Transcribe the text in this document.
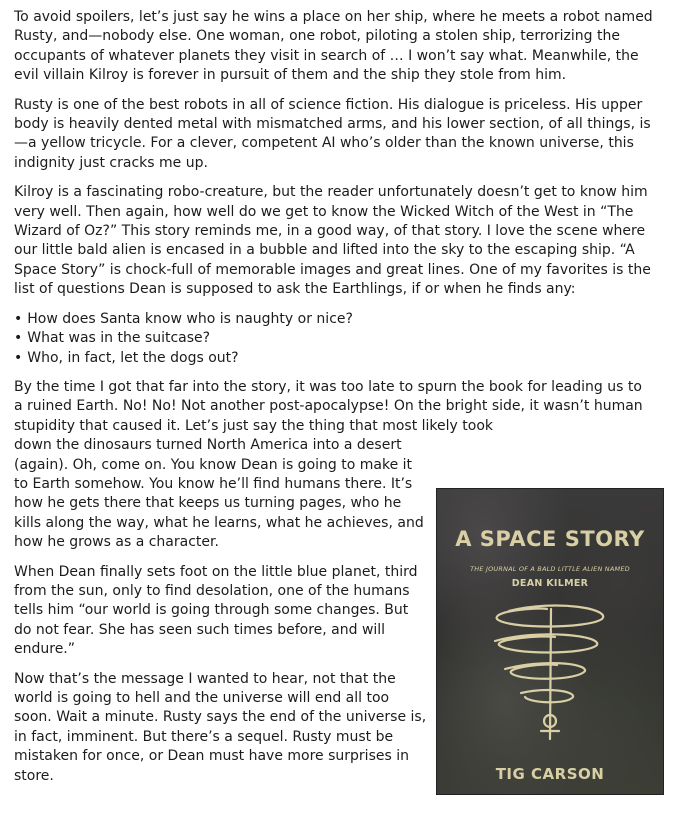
To avoid spoilers, let’s just say he wins a place on her ship, where he meets a robot named Rusty, and—nobody else. One woman, one robot, piloting a stolen ship, terrorizing the occupants of whatever planets they visit in search of … I won’t say what. Meanwhile, the evil villain Kilroy is forever in pursuit of them and the ship they stole from him.

Rusty is one of the best robots in all of science fiction. His dialogue is priceless. His upper body is heavily dented metal with mismatched arms, and his lower section, of all things, is—a yellow tricycle. For a clever, competent AI who’s older than the known universe, this indignity just cracks me up.

Kilroy is a fascinating robo-creature, but the reader unfortunately doesn’t get to know him very well. Then again, how well do we get to know the Wicked Witch of the West in “The Wizard of Oz?” This story reminds me, in a good way, of that story. I love the scene where our little bald alien is encased in a bubble and lifted into the sky to the escaping ship. “A Space Story” is chock-full of memorable images and great lines. One of my favorites is the list of questions Dean is supposed to ask the Earthlings, if or when he finds any:

• How does Santa know who is naughty or nice?
• What was in the suitcase?
• Who, in fact, let the dogs out?

By the time I got that far into the story, it was too late to spurn the book for leading us to a ruined Earth. No! No! Not another post-apocalypse! On the bright side, it wasn’t human stupidity that caused it. Let’s just say the thing that most likely took

down the dinosaurs turned North America into a desert (again). Oh, come on. You know Dean is going to make it to Earth somehow. You know he’ll find humans there. It’s how he gets there that keeps us turning pages, who he kills along the way, what he learns, what he achieves, and how he grows as a character.

When Dean finally sets foot on the little blue planet, third from the sun, only to find desolation, one of the humans tells him “our world is going through some changes. But do not fear. She has seen such times before, and will endure.”

Now that’s the message I wanted to hear, not that the world is going to hell and the universe will end all too soon. Wait a minute. Rusty says the end of the universe is, in fact, imminent. But there’s a sequel. Rusty must be mistaken for once, or Dean must have more surprises in store.

A SPACE STORY
THE JOURNAL OF A BALD LITTLE ALIEN NAMED
DEAN KILMER
TIG CARSON
